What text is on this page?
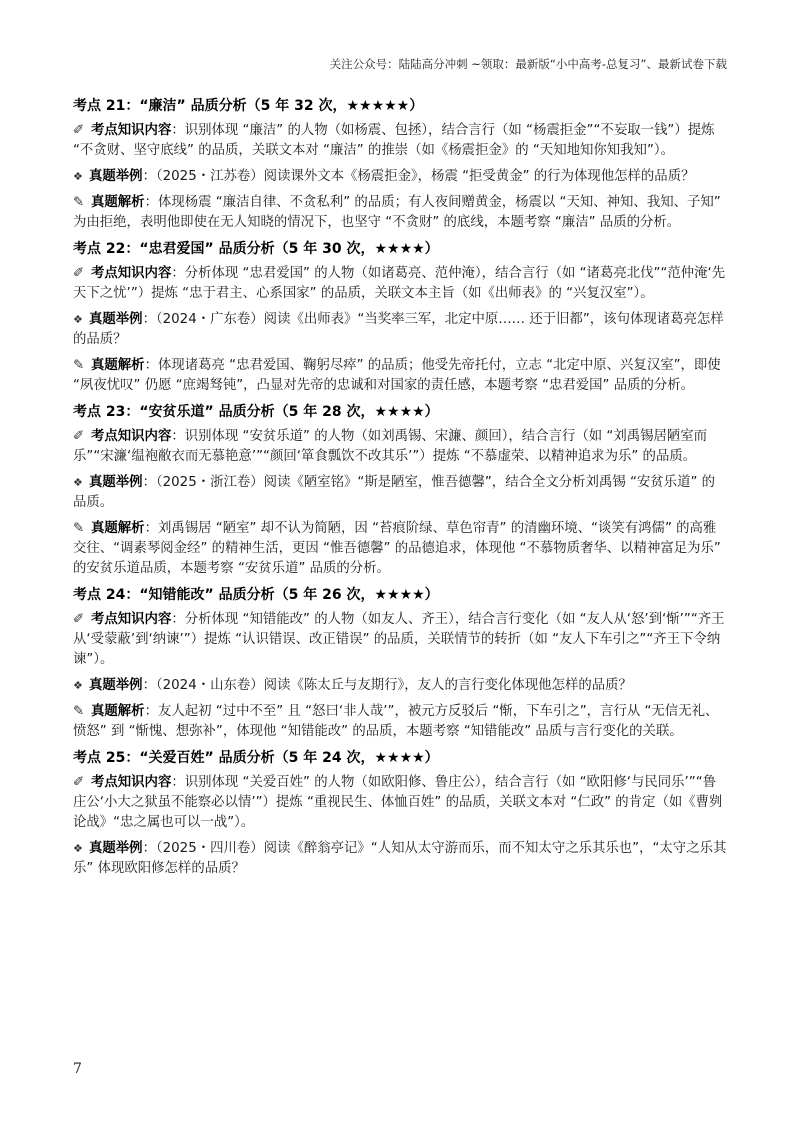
关注公众号：陆陆高分冲刺 ~领取：最新版“小中高考-总复习”、最新试卷下载
考点 21：“廉洁” 品质分析（5 年 32 次，★★★★★）

✐ 考点知识内容：识别体现 “廉洁” 的人物（如杨震、包拯），结合言行（如 “杨震拒金”“不妄取一钱”）提炼 “不贪财、坚守底线” 的品质，关联文本对 “廉洁” 的推崇（如《杨震拒金》的 “天知地知你知我知”）。

❖ 真题举例：（2025・江苏卷）阅读课外文本《杨震拒金》，杨震 “拒受黄金” 的行为体现他怎样的品质？

✎ 真题解析：体现杨震 “廉洁自律、不贪私利” 的品质；有人夜间赠黄金，杨震以 “天知、神知、我知、子知” 为由拒绝，表明他即使在无人知晓的情况下，也坚守 “不贪财” 的底线，本题考察 “廉洁” 品质的分析。

考点 22：“忠君爱国” 品质分析（5 年 30 次，★★★★）

✐ 考点知识内容：分析体现 “忠君爱国” 的人物（如诸葛亮、范仲淹），结合言行（如 “诸葛亮北伐”“范仲淹‘先天下之忧’”）提炼 “忠于君主、心系国家” 的品质，关联文本主旨（如《出师表》的 “兴复汉室”）。

❖ 真题举例：（2024・广东卷）阅读《出师表》“当奖率三军，北定中原…… 还于旧都”，该句体现诸葛亮怎样的品质？

✎ 真题解析：体现诸葛亮 “忠君爱国、鞠躬尽瘁” 的品质；他受先帝托付，立志 “北定中原、兴复汉室”，即使 “夙夜忧叹” 仍愿 “庶竭驽钝”，凸显对先帝的忠诚和对国家的责任感，本题考察 “忠君爱国” 品质的分析。

考点 23：“安贫乐道” 品质分析（5 年 28 次，★★★★）

✐ 考点知识内容：识别体现 “安贫乐道” 的人物（如刘禹锡、宋濂、颜回），结合言行（如 “刘禹锡居陋室而乐”“宋濂‘缊袍敝衣而无慕艳意’”“颜回‘箪食瓢饮不改其乐’”）提炼 “不慕虚荣、以精神追求为乐” 的品质。

❖ 真题举例：（2025・浙江卷）阅读《陋室铭》“斯是陋室，惟吾德馨”，结合全文分析刘禹锡 “安贫乐道” 的品质。

✎ 真题解析：刘禹锡居 “陋室” 却不认为简陋，因 “苔痕阶绿、草色帘青” 的清幽环境、“谈笑有鸿儒” 的高雅交往、“调素琴阅金经” 的精神生活，更因 “惟吾德馨” 的品德追求，体现他 “不慕物质奢华、以精神富足为乐” 的安贫乐道品质，本题考察 “安贫乐道” 品质的分析。

考点 24：“知错能改” 品质分析（5 年 26 次，★★★★）

✐ 考点知识内容：分析体现 “知错能改” 的人物（如友人、齐王），结合言行变化（如 “友人从‘怒’到‘惭’”“齐王从‘受蒙蔽’到‘纳谏’”）提炼 “认识错误、改正错误” 的品质，关联情节的转折（如 “友人下车引之”“齐王下令纳谏”）。

❖ 真题举例：（2024・山东卷）阅读《陈太丘与友期行》，友人的言行变化体现他怎样的品质？

✎ 真题解析：友人起初 “过中不至” 且 “怒曰‘非人哉’”，被元方反驳后 “惭，下车引之”，言行从 “无信无礼、愤怒” 到 “惭愧、想弥补”，体现他 “知错能改” 的品质，本题考察 “知错能改” 品质与言行变化的关联。

考点 25：“关爱百姓” 品质分析（5 年 24 次，★★★★）

✐ 考点知识内容：识别体现 “关爱百姓” 的人物（如欧阳修、鲁庄公），结合言行（如 “欧阳修‘与民同乐’”“鲁庄公‘小大之狱虽不能察必以情’”）提炼 “重视民生、体恤百姓” 的品质，关联文本对 “仁政” 的肯定（如《曹刿论战》“忠之属也可以一战”）。

❖ 真题举例：（2025・四川卷）阅读《醉翁亭记》“人知从太守游而乐，而不知太守之乐其乐也”，“太守之乐其乐” 体现欧阳修怎样的品质？

7
